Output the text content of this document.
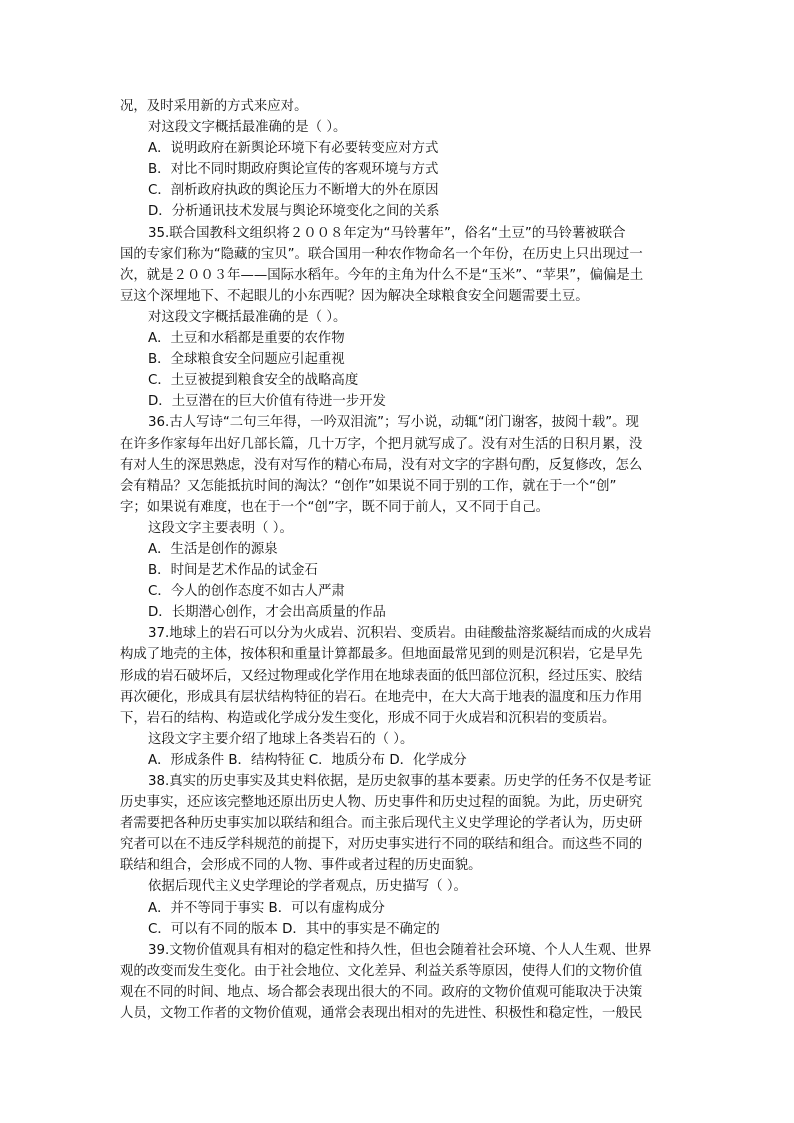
况，及时采用新的方式来应对。
对这段文字概括最准确的是（ ）。
A．说明政府在新舆论环境下有必要转变应对方式
B．对比不同时期政府舆论宣传的客观环境与方式
C．剖析政府执政的舆论压力不断增大的外在原因
D．分析通讯技术发展与舆论环境变化之间的关系
35.联合国教科文组织将２００８年定为“马铃薯年”，俗名“土豆”的马铃薯被联合
国的专家们称为“隐藏的宝贝”。联合国用一种农作物命名一个年份，在历史上只出现过一
次，就是２００３年——国际水稻年。今年的主角为什么不是“玉米”、“苹果”，偏偏是土
豆这个深埋地下、不起眼儿的小东西呢？因为解决全球粮食安全问题需要土豆。
对这段文字概括最准确的是（ ）。
A．土豆和水稻都是重要的农作物
B．全球粮食安全问题应引起重视
C．土豆被提到粮食安全的战略高度
D．土豆潜在的巨大价值有待进一步开发
36.古人写诗“二句三年得，一吟双泪流”；写小说，动辄“闭门谢客，披阅十载”。现
在许多作家每年出好几部长篇，几十万字，个把月就写成了。没有对生活的日积月累，没
有对人生的深思熟虑，没有对写作的精心布局，没有对文字的字斟句酌，反复修改，怎么
会有精品？又怎能抵抗时间的淘汰？“创作”如果说不同于别的工作，就在于一个“创”
字；如果说有难度，也在于一个“创”字，既不同于前人，又不同于自己。
这段文字主要表明（ ）。
A．生活是创作的源泉
B．时间是艺术作品的试金石
C．今人的创作态度不如古人严肃
D．长期潜心创作，才会出高质量的作品
37.地球上的岩石可以分为火成岩、沉积岩、变质岩。由硅酸盐溶浆凝结而成的火成岩
构成了地壳的主体，按体积和重量计算都最多。但地面最常见到的则是沉积岩，它是早先
形成的岩石破坏后，又经过物理或化学作用在地球表面的低凹部位沉积，经过压实、胶结
再次硬化，形成具有层状结构特征的岩石。在地壳中，在大大高于地表的温度和压力作用
下，岩石的结构、构造或化学成分发生变化，形成不同于火成岩和沉积岩的变质岩。
这段文字主要介绍了地球上各类岩石的（ ）。
A．形成条件 B．结构特征 C．地质分布 D．化学成分
38.真实的历史事实及其史料依据，是历史叙事的基本要素。历史学的任务不仅是考证
历史事实，还应该完整地还原出历史人物、历史事件和历史过程的面貌。为此，历史研究
者需要把各种历史事实加以联结和组合。而主张后现代主义史学理论的学者认为，历史研
究者可以在不违反学科规范的前提下，对历史事实进行不同的联结和组合。而这些不同的
联结和组合，会形成不同的人物、事件或者过程的历史面貌。
依据后现代主义史学理论的学者观点，历史描写（ ）。
A．并不等同于事实 B．可以有虚构成分
C．可以有不同的版本 D．其中的事实是不确定的
39.文物价值观具有相对的稳定性和持久性，但也会随着社会环境、个人人生观、世界
观的改变而发生变化。由于社会地位、文化差异、利益关系等原因，使得人们的文物价值
观在不同的时间、地点、场合都会表现出很大的不同。政府的文物价值观可能取决于决策
人员，文物工作者的文物价值观，通常会表现出相对的先进性、积极性和稳定性，一般民
